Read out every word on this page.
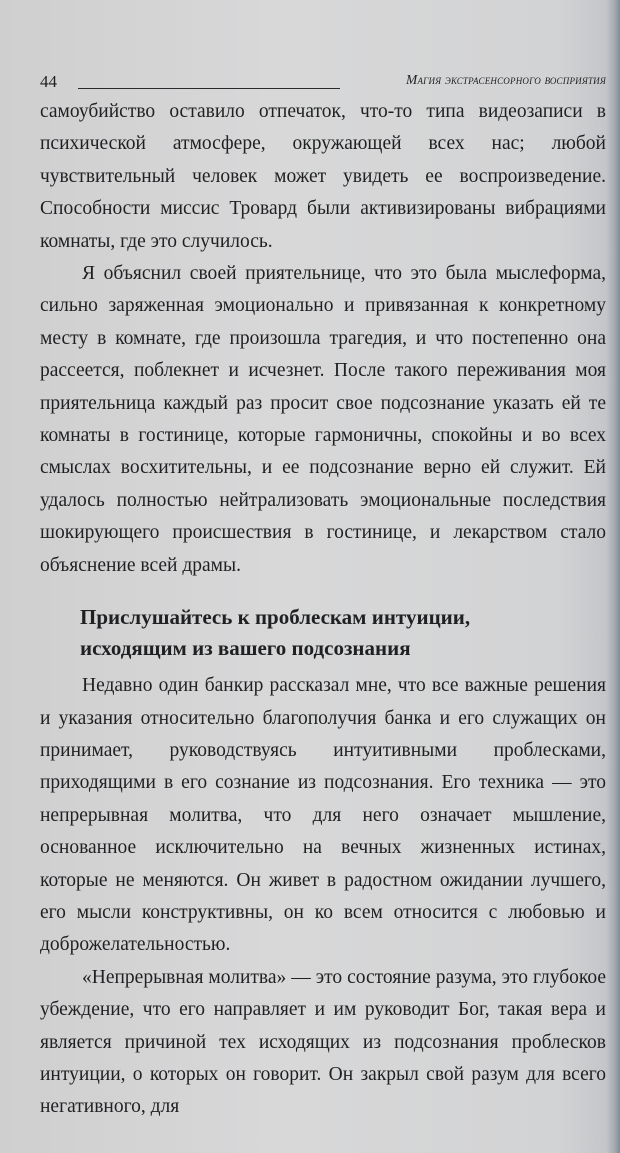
44	Магия экстрасенсорного восприятия

самоубийство оставило отпечаток, что-то типа видеозаписи в психической атмосфере, окружающей всех нас; любой чувствительный человек может увидеть ее воспроизведение. Способности миссис Тровард были активизированы вибрациями комнаты, где это случилось.

Я объяснил своей приятельнице, что это была мыслеформа, сильно заряженная эмоционально и привязанная к конкретному месту в комнате, где произошла трагедия, и что постепенно она рассеется, поблекнет и исчезнет. После такого переживания моя приятельница каждый раз просит свое подсознание указать ей те комнаты в гостинице, которые гармоничны, спокойны и во всех смыслах восхитительны, и ее подсознание верно ей служит. Ей удалось полностью нейтрализовать эмоциональные последствия шокирующего происшествия в гостинице, и лекарством стало объяснение всей драмы.

Прислушайтесь к проблескам интуиции,
исходящим из вашего подсознания

Недавно один банкир рассказал мне, что все важные решения и указания относительно благополучия банка и его служащих он принимает, руководствуясь интуитивными проблесками, приходящими в его сознание из подсознания. Его техника — это непрерывная молитва, что для него означает мышление, основанное исключительно на вечных жизненных истинах, которые не меняются. Он живет в радостном ожидании лучшего, его мысли конструктивны, он ко всем относится с любовью и доброжелательностью.

«Непрерывная молитва» — это состояние разума, это глубокое убеждение, что его направляет и им руководит Бог, такая вера и является причиной тех исходящих из подсознания проблесков интуиции, о которых он говорит. Он закрыл свой разум для всего негативного, для
